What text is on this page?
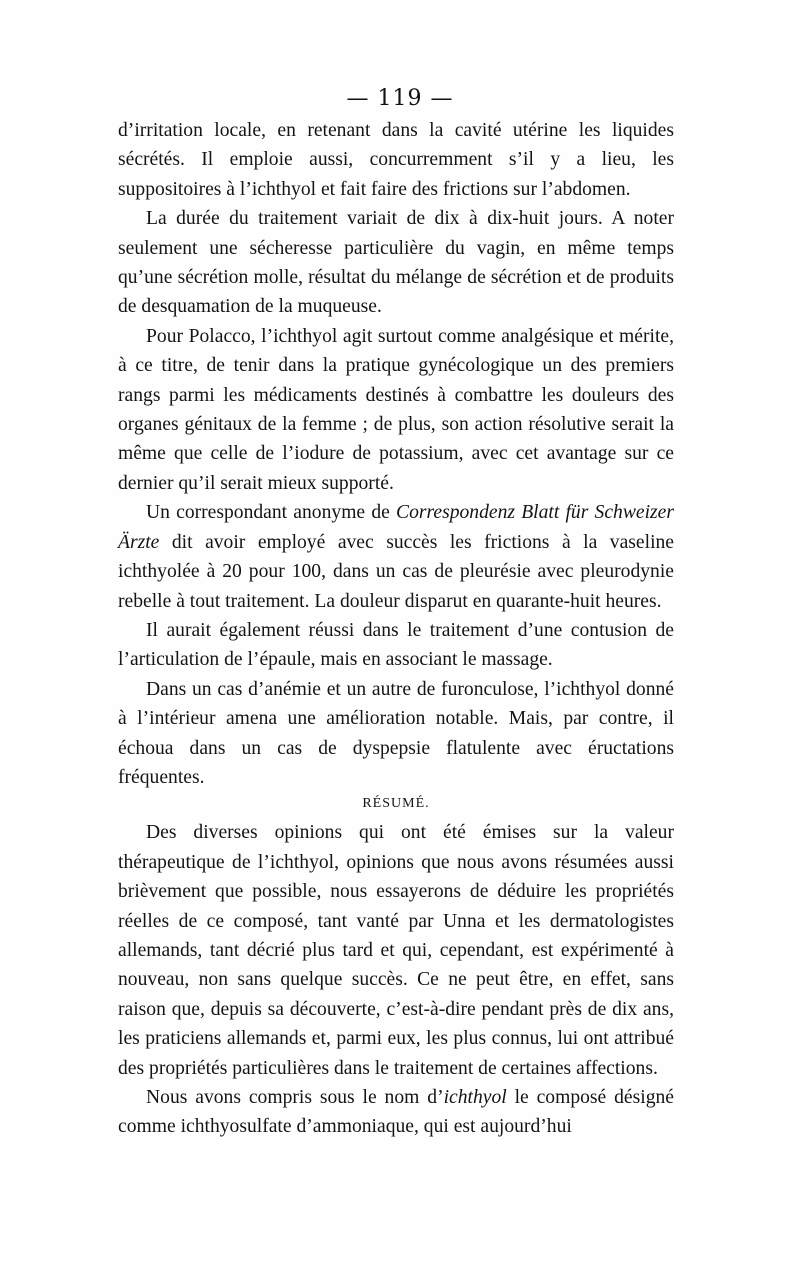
— 119 —

d’irritation locale, en retenant dans la cavité utérine les liquides sécrétés. Il emploie aussi, concurremment s’il y a lieu, les suppositoires à l’ichthyol et fait faire des frictions sur l’abdomen.

La durée du traitement variait de dix à dix-huit jours. A noter seulement une sécheresse particulière du vagin, en même temps qu’une sécrétion molle, résultat du mélange de sécrétion et de produits de desquamation de la muqueuse.

Pour Polacco, l’ichthyol agit surtout comme analgésique et mérite, à ce titre, de tenir dans la pratique gynécologique un des premiers rangs parmi les médicaments destinés à combattre les douleurs des organes génitaux de la femme ; de plus, son action résolutive serait la même que celle de l’iodure de potassium, avec cet avantage sur ce dernier qu’il serait mieux supporté.

Un correspondant anonyme de Correspondenz Blatt für Schweizer Ärzte dit avoir employé avec succès les frictions à la vaseline ichthyolée à 20 pour 100, dans un cas de pleurésie avec pleurodynie rebelle à tout traitement. La douleur disparut en quarante-huit heures.

Il aurait également réussi dans le traitement d’une contusion de l’articulation de l’épaule, mais en associant le massage.

Dans un cas d’anémie et un autre de furonculose, l’ichthyol donné à l’intérieur amena une amélioration notable. Mais, par contre, il échoua dans un cas de dyspepsie flatulente avec éructations fréquentes.

RÉSUMÉ.

Des diverses opinions qui ont été émises sur la valeur thérapeutique de l’ichthyol, opinions que nous avons résumées aussi brièvement que possible, nous essayerons de déduire les propriétés réelles de ce composé, tant vanté par Unna et les dermatologistes allemands, tant décrié plus tard et qui, cependant, est expérimenté à nouveau, non sans quelque succès. Ce ne peut être, en effet, sans raison que, depuis sa découverte, c’est-à-dire pendant près de dix ans, les praticiens allemands et, parmi eux, les plus connus, lui ont attribué des propriétés particulières dans le traitement de certaines affections.

Nous avons compris sous le nom d’ichthyol le composé désigné comme ichthyosulfate d’ammoniaque, qui est aujourd’hui
